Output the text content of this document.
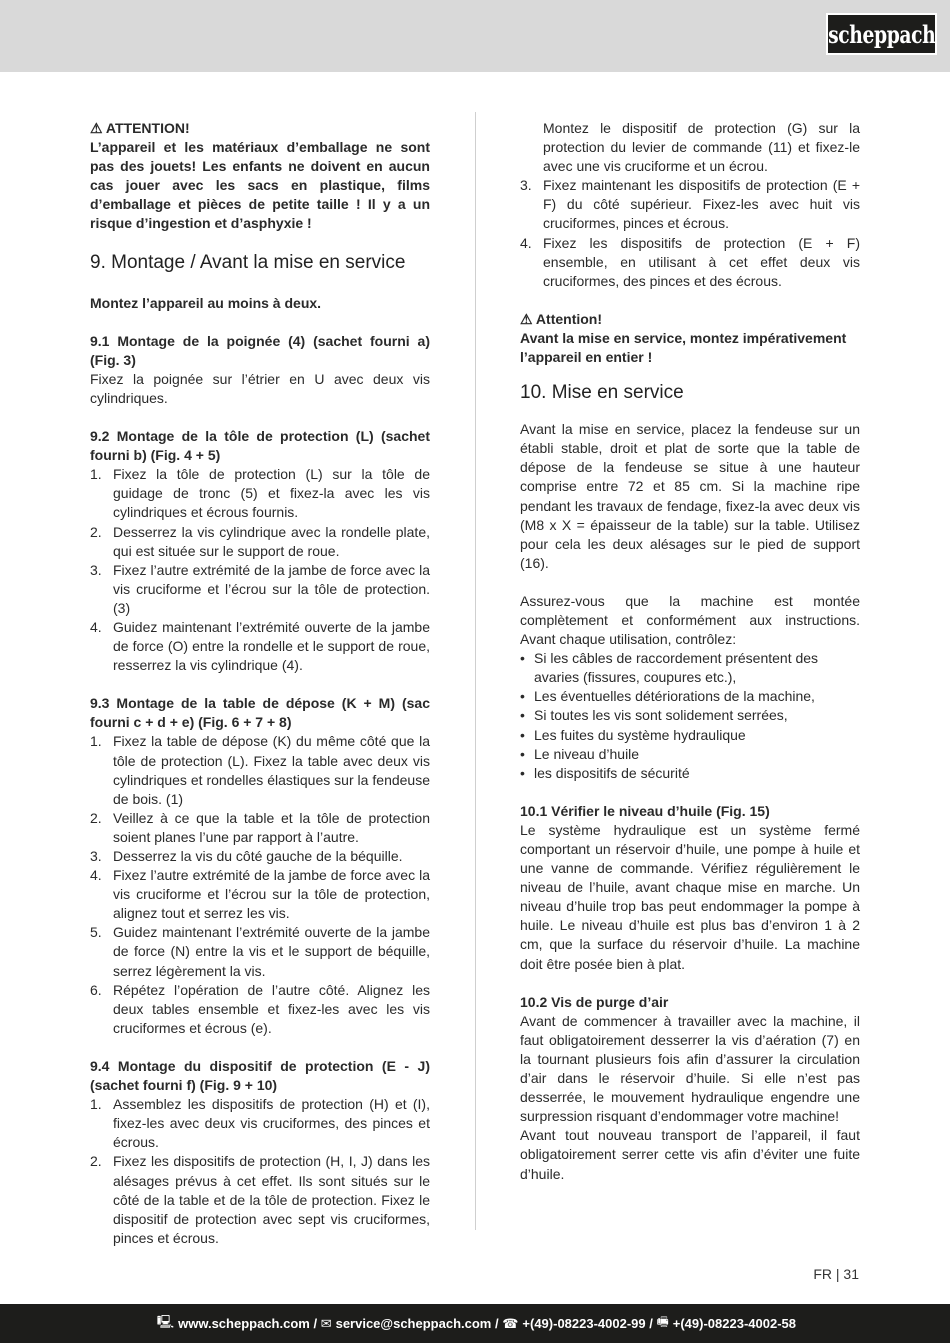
scheppach

⚠ ATTENTION!

L’appareil et les matériaux d’emballage ne sont pas des jouets! Les enfants ne doivent en aucun cas jouer avec les sacs en plastique, films d’emballage et pièces de petite taille ! Il y a un risque d’ingestion et d’asphyxie !

9. Montage / Avant la mise en service

Montez l’appareil au moins à deux.

9.1 Montage de la poignée (4) (sachet fourni a) (Fig. 3)

Fixez la poignée sur l’étrier en U avec deux vis cylindriques.

9.2 Montage de la tôle de protection (L) (sachet fourni b) (Fig. 4 + 5)

1. Fixez la tôle de protection (L) sur la tôle de guidage de tronc (5) et fixez-la avec les vis cylindriques et écrous fournis.
2. Desserrez la vis cylindrique avec la rondelle plate, qui est située sur le support de roue.
3. Fixez l’autre extrémité de la jambe de force avec la vis cruciforme et l’écrou sur la tôle de protection. (3)
4. Guidez maintenant l’extrémité ouverte de la jambe de force (O) entre la rondelle et le support de roue, resserrez la vis cylindrique (4).

9.3 Montage de la table de dépose (K + M) (sac fourni c + d + e) (Fig. 6 + 7 + 8)

1. Fixez la table de dépose (K) du même côté que la tôle de protection (L). Fixez la table avec deux vis cylindriques et rondelles élastiques sur la fendeuse de bois. (1)
2. Veillez à ce que la table et la tôle de protection soient planes l’une par rapport à l’autre.
3. Desserrez la vis du côté gauche de la béquille.
4. Fixez l’autre extrémité de la jambe de force avec la vis cruciforme et l’écrou sur la tôle de protection, alignez tout et serrez les vis.
5. Guidez maintenant l’extrémité ouverte de la jambe de force (N) entre la vis et le support de béquille, serrez légèrement la vis.
6. Répétez l’opération de l’autre côté. Alignez les deux tables ensemble et fixez-les avec les vis cruciformes et écrous (e).

9.4 Montage du dispositif de protection (E - J) (sachet fourni f) (Fig. 9 + 10)

1. Assemblez les dispositifs de protection (H) et (I), fixez-les avec deux vis cruciformes, des pinces et écrous.
2. Fixez les dispositifs de protection (H, I, J) dans les alésages prévus à cet effet. Ils sont situés sur le côté de la table et de la tôle de protection. Fixez le dispositif de protection avec sept vis cruciformes, pinces et écrous.

Montez le dispositif de protection (G) sur la protection du levier de commande (11) et fixez-le avec une vis cruciforme et un écrou.

3. Fixez maintenant les dispositifs de protection (E + F) du côté supérieur. Fixez-les avec huit vis cruciformes, pinces et écrous.
4. Fixez les dispositifs de protection (E + F) ensemble, en utilisant à cet effet deux vis cruciformes, des pinces et des écrous.

⚠ Attention!

Avant la mise en service, montez impérativement l’appareil en entier !

10. Mise en service

Avant la mise en service, placez la fendeuse sur un établi stable, droit et plat de sorte que la table de dépose de la fendeuse se situe à une hauteur comprise entre 72 et 85 cm. Si la machine ripe pendant les travaux de fendage, fixez-la avec deux vis (M8 x X = épaisseur de la table) sur la table. Utilisez pour cela les deux alésages sur le pied de support (16).

Assurez-vous que la machine est montée complètement et conformément aux instructions. Avant chaque utilisation, contrôlez:

• Si les câbles de raccordement présentent des avaries (fissures, coupures etc.),
• Les éventuelles détériorations de la machine,
• Si toutes les vis sont solidement serrées,
• Les fuites du système hydraulique
• Le niveau d’huile
• les dispositifs de sécurité

10.1 Vérifier le niveau d’huile (Fig. 15)

Le système hydraulique est un système fermé comportant un réservoir d’huile, une pompe à huile et une vanne de commande. Vérifiez régulièrement le niveau de l’huile, avant chaque mise en marche. Un niveau d’huile trop bas peut endommager la pompe à huile. Le niveau d’huile est plus bas d’environ 1 à 2 cm, que la surface du réservoir d’huile. La machine doit être posée bien à plat.

10.2 Vis de purge d’air

Avant de commencer à travailler avec la machine, il faut obligatoirement desserrer la vis d’aération (7) en la tournant plusieurs fois afin d’assurer la circulation d’air dans le réservoir d’huile. Si elle n’est pas desserrée, le mouvement hydraulique engendre une surpression risquant d’endommager votre machine!

Avant tout nouveau transport de l’appareil, il faut obligatoirement serrer cette vis afin d’éviter une fuite d’huile.

FR | 31
🖳 www.scheppach.com /
✉ service@scheppach.com /
☎ +(49)-08223-4002-99 /
🖷 +(49)-08223-4002-58
